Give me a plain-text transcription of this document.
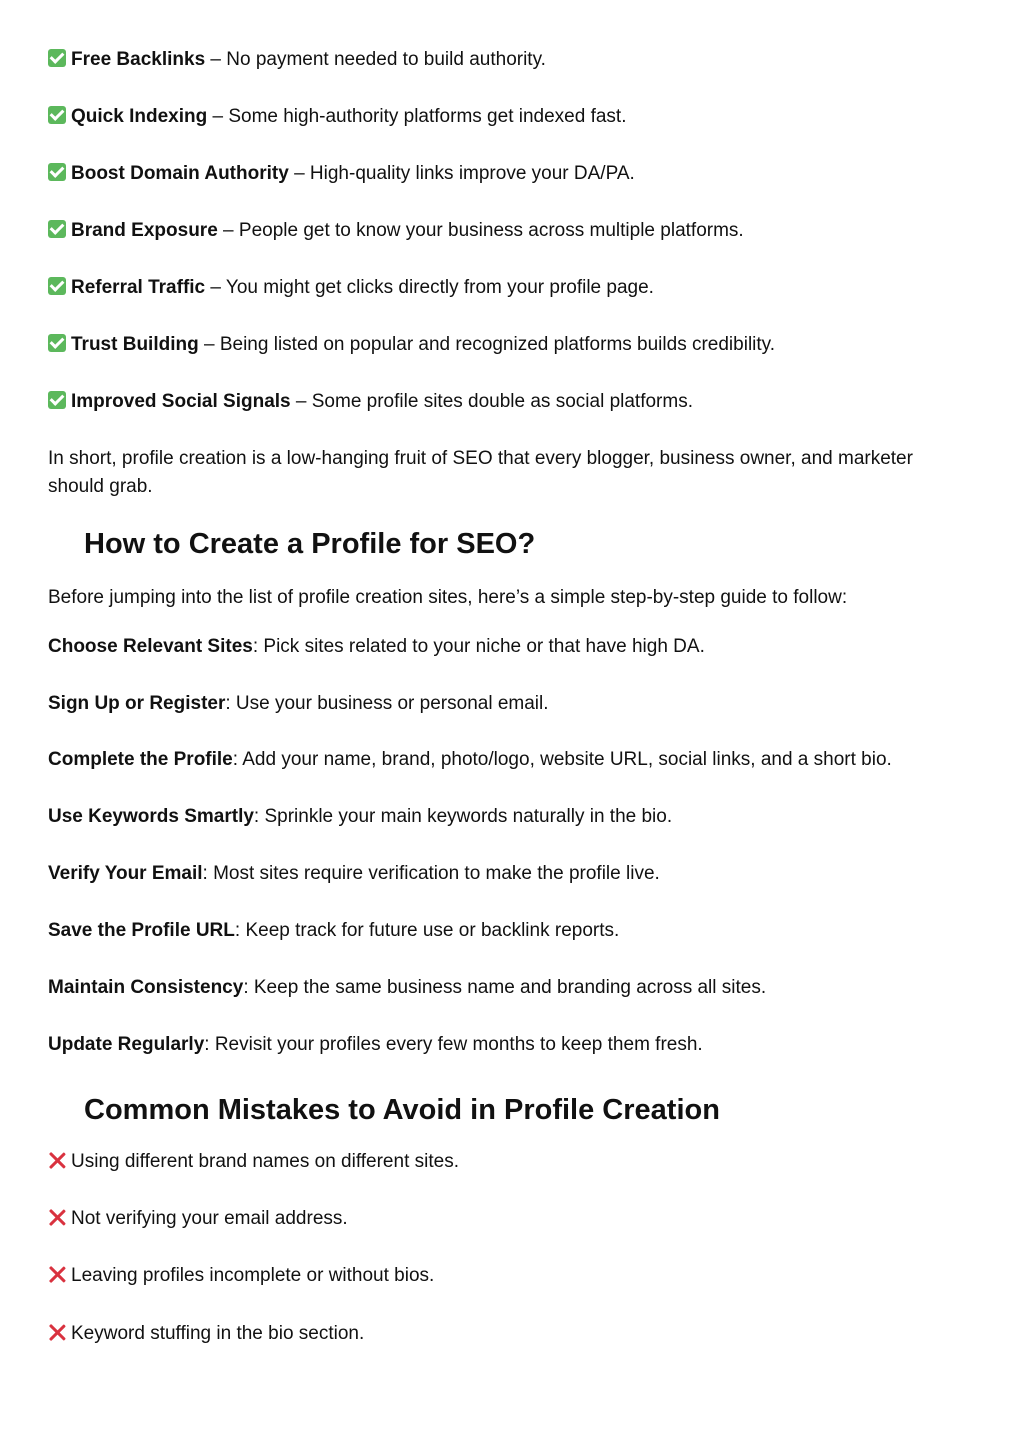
Free Backlinks – No payment needed to build authority.
Quick Indexing – Some high-authority platforms get indexed fast.
Boost Domain Authority – High-quality links improve your DA/PA.
Brand Exposure – People get to know your business across multiple platforms.
Referral Traffic – You might get clicks directly from your profile page.
Trust Building – Being listed on popular and recognized platforms builds credibility.
Improved Social Signals – Some profile sites double as social platforms.
In short, profile creation is a low-hanging fruit of SEO that every blogger, business owner, and marketer should grab.
How to Create a Profile for SEO?
Before jumping into the list of profile creation sites, here’s a simple step-by-step guide to follow:
Choose Relevant Sites: Pick sites related to your niche or that have high DA.
Sign Up or Register: Use your business or personal email.
Complete the Profile: Add your name, brand, photo/logo, website URL, social links, and a short bio.
Use Keywords Smartly: Sprinkle your main keywords naturally in the bio.
Verify Your Email: Most sites require verification to make the profile live.
Save the Profile URL: Keep track for future use or backlink reports.
Maintain Consistency: Keep the same business name and branding across all sites.
Update Regularly: Revisit your profiles every few months to keep them fresh.
Common Mistakes to Avoid in Profile Creation
Using different brand names on different sites.
Not verifying your email address.
Leaving profiles incomplete or without bios.
Keyword stuffing in the bio section.
